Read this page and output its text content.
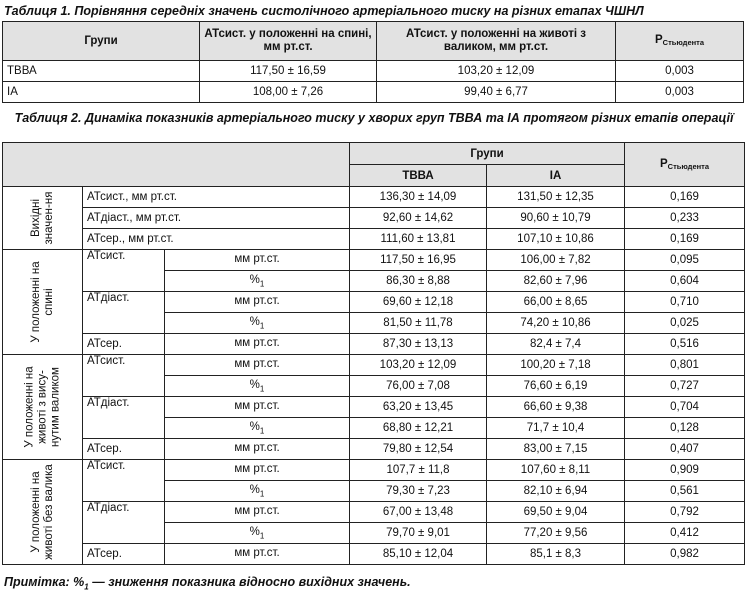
Таблиця 1. Порівняння середніх значень систолічного артеріального тиску на різних етапах ЧШНЛ
Групи	АТсист. у положенні на спині, мм рт.ст.	АТсист. у положенні на животі з валиком, мм рт.ст.	РСтьюдента
ТВВА	117,50 ± 16,59	103,20 ± 12,09	0,003
ІА	108,00 ± 7,26	99,40 ± 6,77	0,003
Таблиця 2. Динаміка показників артеріального тиску у хворих груп ТВВА та ІА протягом різних етапів операції
			Групи		РСтьюдента
			ТВВА	ІА	

Вихідні значен-ня	АТсист., мм рт.ст.		136,30 ± 14,09	131,50 ± 12,35	0,169
	АТдіаст., мм рт.ст.		92,60 ± 14,62	90,60 ± 10,79	0,233
	АТсер., мм рт.ст.		111,60 ± 13,81	107,10 ± 10,86	0,169

У положенні на спині	АТсист.	мм рт.ст.	117,50 ± 16,95	106,00 ± 7,82	0,095
		$\%_1$	86,30 ± 8,88	82,60 ± 7,96	0,604
	АТдіаст.	мм рт.ст.	69,60 ± 12,18	66,00 ± 8,65	0,710
		$\%_1$	81,50 ± 11,78	74,20 ± 10,86	0,025
	АТсер.	мм рт.ст.	87,30 ± 13,13	82,4 ± 7,4	0,516

У положенні на животі з вису-нутим валиком	АТсист.	мм рт.ст.	103,20 ± 12,09	100,20 ± 7,18	0,801
		$\%_1$	76,00 ± 7,08	76,60 ± 6,19	0,727
	АТдіаст.	мм рт.ст.	63,20 ± 13,45	66,60 ± 9,38	0,704
		$\%_1$	68,80 ± 12,21	71,7 ± 10,4	0,128
	АТсер.	мм рт.ст.	79,80 ± 12,54	83,00 ± 7,15	0,407

У положенні на животі без валика	АТсист.	мм рт.ст.	107,7 ± 11,8	107,60 ± 8,11	0,909
		$\%_1$	79,30 ± 7,23	82,10 ± 6,94	0,561
	АТдіаст.	мм рт.ст.	67,00 ± 13,48	69,50 ± 9,04	0,792
		$\%_1$	79,70 ± 9,01	77,20 ± 9,56	0,412
	АТсер.	мм рт.ст.	85,10 ± 12,04	85,1 ± 8,3	0,982
Примітка: $\%_1$ — зниження показника відносно вихідних значень.
